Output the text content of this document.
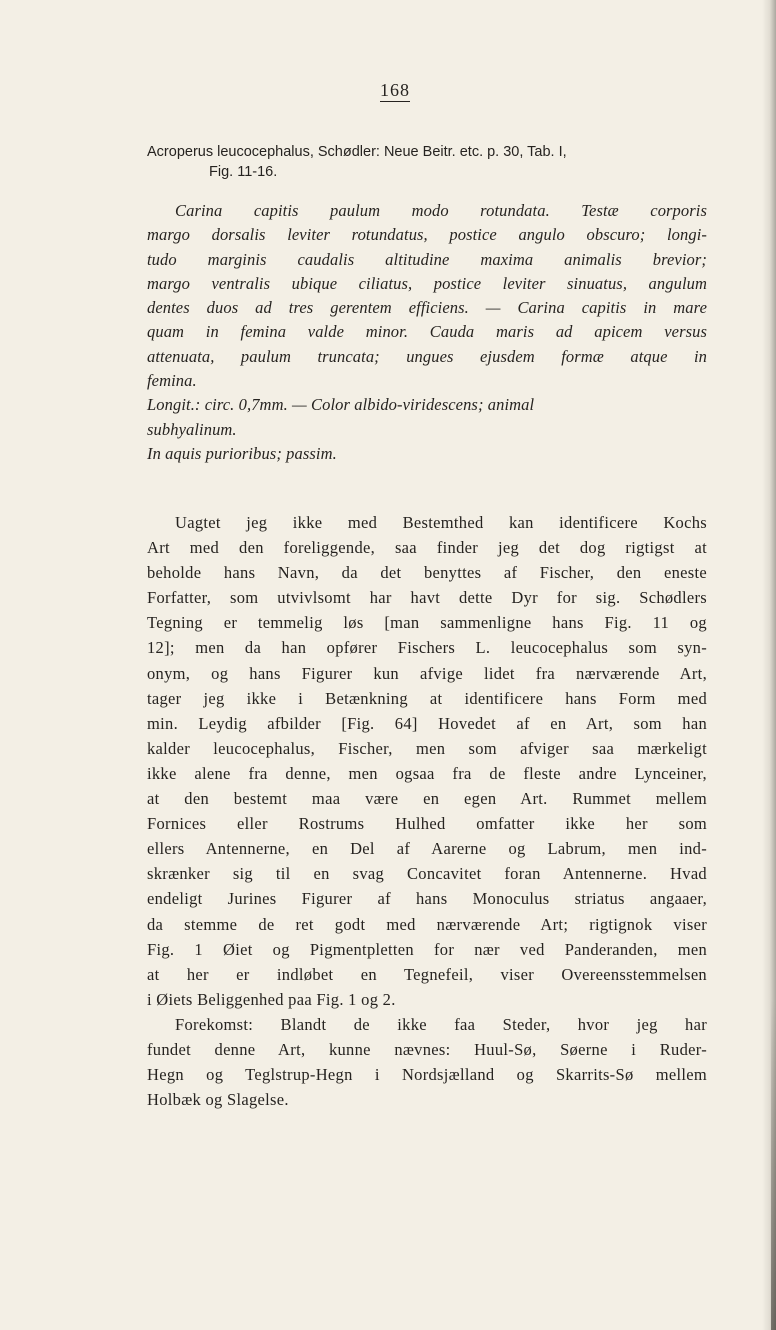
168
Acroperus leucocephalus, Schødler: Neue Beitr. etc. p. 30, Tab. I,
Fig. 11-16.
Carina capitis paulum modo rotundata. Testæ corporis
margo dorsalis leviter rotundatus, postice angulo obscuro; longi-
tudo marginis caudalis altitudine maxima animalis brevior;
margo ventralis ubique ciliatus, postice leviter sinuatus, angulum
dentes duos ad tres gerentem efficiens. — Carina capitis in mare
quam in femina valde minor. Cauda maris ad apicem versus
attenuata, paulum truncata; ungues ejusdem formæ atque in
femina.
Longit.: circ. 0,7mm. — Color albido-viridescens; animal
subhyalinum.
In aquis purioribus; passim.
Uagtet jeg ikke med Bestemthed kan identificere Kochs
Art med den foreliggende, saa finder jeg det dog rigtigst at
beholde hans Navn, da det benyttes af Fischer, den eneste
Forfatter, som utvivlsomt har havt dette Dyr for sig. Schødlers
Tegning er temmelig løs [man sammenligne hans Fig. 11 og
12]; men da han opfører Fischers L. leucocephalus som syn-
onym, og hans Figurer kun afvige lidet fra nærværende Art,
tager jeg ikke i Betænkning at identificere hans Form med
min. Leydig afbilder [Fig. 64] Hovedet af en Art, som han
kalder leucocephalus, Fischer, men som afviger saa mærkeligt
ikke alene fra denne, men ogsaa fra de fleste andre Lynceiner,
at den bestemt maa være en egen Art. Rummet mellem
Fornices eller Rostrums Hulhed omfatter ikke her som
ellers Antennerne, en Del af Aarerne og Labrum, men ind-
skrænker sig til en svag Concavitet foran Antennerne. Hvad
endeligt Jurines Figurer af hans Monoculus striatus angaaer,
da stemme de ret godt med nærværende Art; rigtignok viser
Fig. 1 Øiet og Pigmentpletten for nær ved Panderanden, men
at her er indløbet en Tegnefeil, viser Overeensstemmelsen
i Øiets Beliggenhed paa Fig. 1 og 2.
Forekomst: Blandt de ikke faa Steder, hvor jeg har
fundet denne Art, kunne nævnes: Huul-Sø, Søerne i Ruder-
Hegn og Teglstrup-Hegn i Nordsjælland og Skarrits-Sø mellem
Holbæk og Slagelse.
